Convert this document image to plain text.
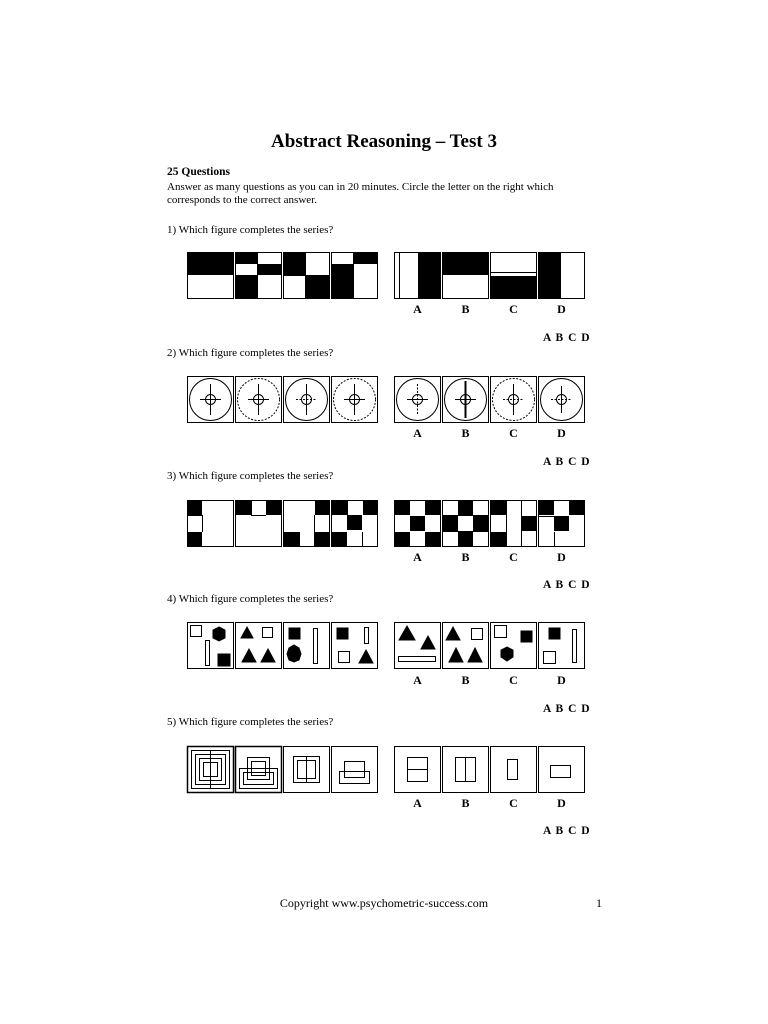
Abstract Reasoning – Test 3
25 Questions
Answer as many questions as you can in 20 minutes. Circle the letter on the right which corresponds to the correct answer.
1) Which figure completes the series?
A	B	C	D
A B C D
2) Which figure completes the series?
A	B	C	D
A B C D
3) Which figure completes the series?
A	B	C	D
A B C D
4) Which figure completes the series?
A	B	C	D
A B C D
5) Which figure completes the series?
A	B	C	D
A B C D
Copyright www.psychometric-success.com	1
